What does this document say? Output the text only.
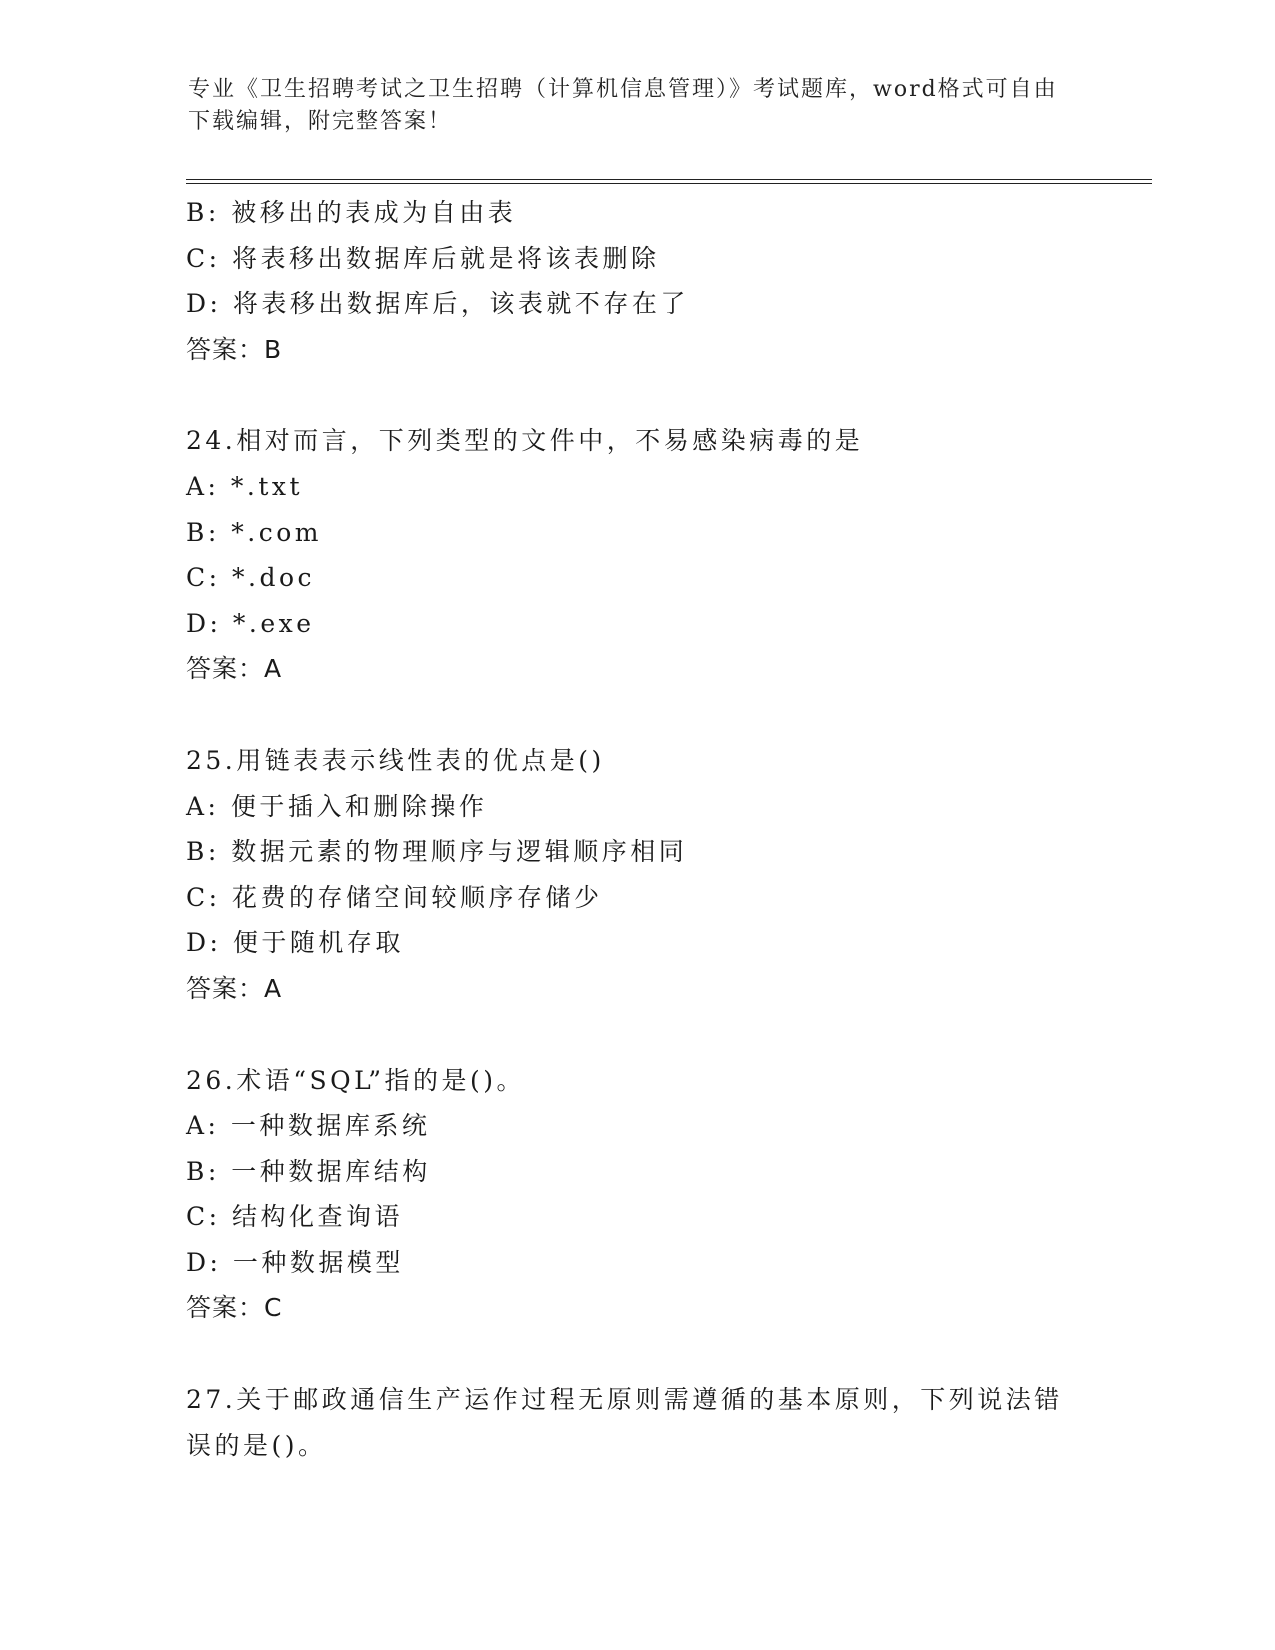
专业《卫生招聘考试之卫生招聘（计算机信息管理）》考试题库，word格式可自由下载编辑，附完整答案！
B: 被移出的表成为自由表
C: 将表移出数据库后就是将该表删除
D: 将表移出数据库后，该表就不存在了
答案：B
24.相对而言，下列类型的文件中，不易感染病毒的是
A: *.txt
B: *.com
C: *.doc
D: *.exe
答案：A
25.用链表表示线性表的优点是()
A: 便于插入和删除操作
B: 数据元素的物理顺序与逻辑顺序相同
C: 花费的存储空间较顺序存储少
D: 便于随机存取
答案：A
26.术语“SQL”指的是()。
A: 一种数据库系统
B: 一种数据库结构
C: 结构化查询语
D: 一种数据模型
答案：C
27.关于邮政通信生产运作过程无原则需遵循的基本原则，下列说法错误的是()。
